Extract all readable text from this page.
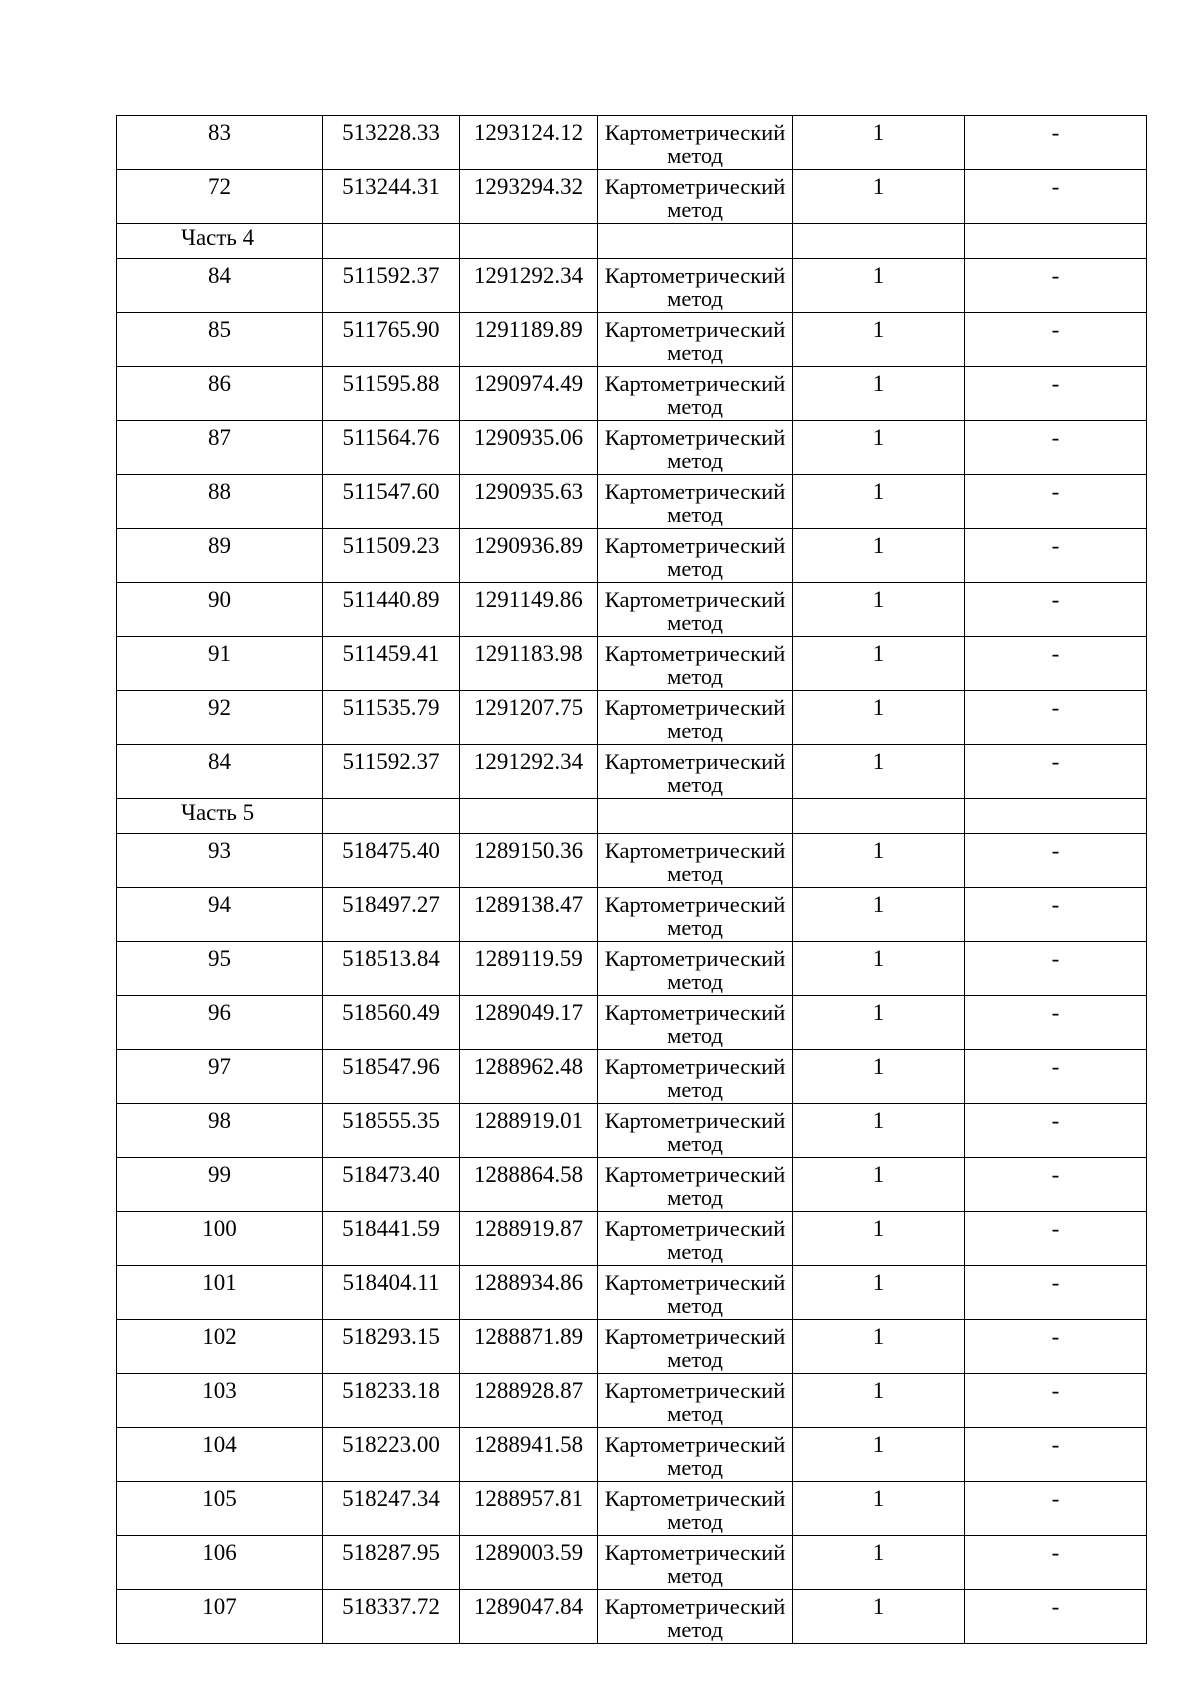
83	513228.33	1293124.12	Картометрический
метод	1	-
72	513244.31	1293294.32	Картометрический
метод	1	-
Часть 4					
84	511592.37	1291292.34	Картометрический
метод	1	-
85	511765.90	1291189.89	Картометрический
метод	1	-
86	511595.88	1290974.49	Картометрический
метод	1	-
87	511564.76	1290935.06	Картометрический
метод	1	-
88	511547.60	1290935.63	Картометрический
метод	1	-
89	511509.23	1290936.89	Картометрический
метод	1	-
90	511440.89	1291149.86	Картометрический
метод	1	-
91	511459.41	1291183.98	Картометрический
метод	1	-
92	511535.79	1291207.75	Картометрический
метод	1	-
84	511592.37	1291292.34	Картометрический
метод	1	-
Часть 5					
93	518475.40	1289150.36	Картометрический
метод	1	-
94	518497.27	1289138.47	Картометрический
метод	1	-
95	518513.84	1289119.59	Картометрический
метод	1	-
96	518560.49	1289049.17	Картометрический
метод	1	-
97	518547.96	1288962.48	Картометрический
метод	1	-
98	518555.35	1288919.01	Картометрический
метод	1	-
99	518473.40	1288864.58	Картометрический
метод	1	-
100	518441.59	1288919.87	Картометрический
метод	1	-
101	518404.11	1288934.86	Картометрический
метод	1	-
102	518293.15	1288871.89	Картометрический
метод	1	-
103	518233.18	1288928.87	Картометрический
метод	1	-
104	518223.00	1288941.58	Картометрический
метод	1	-
105	518247.34	1288957.81	Картометрический
метод	1	-
106	518287.95	1289003.59	Картометрический
метод	1	-
107	518337.72	1289047.84	Картометрический
метод	1	-
